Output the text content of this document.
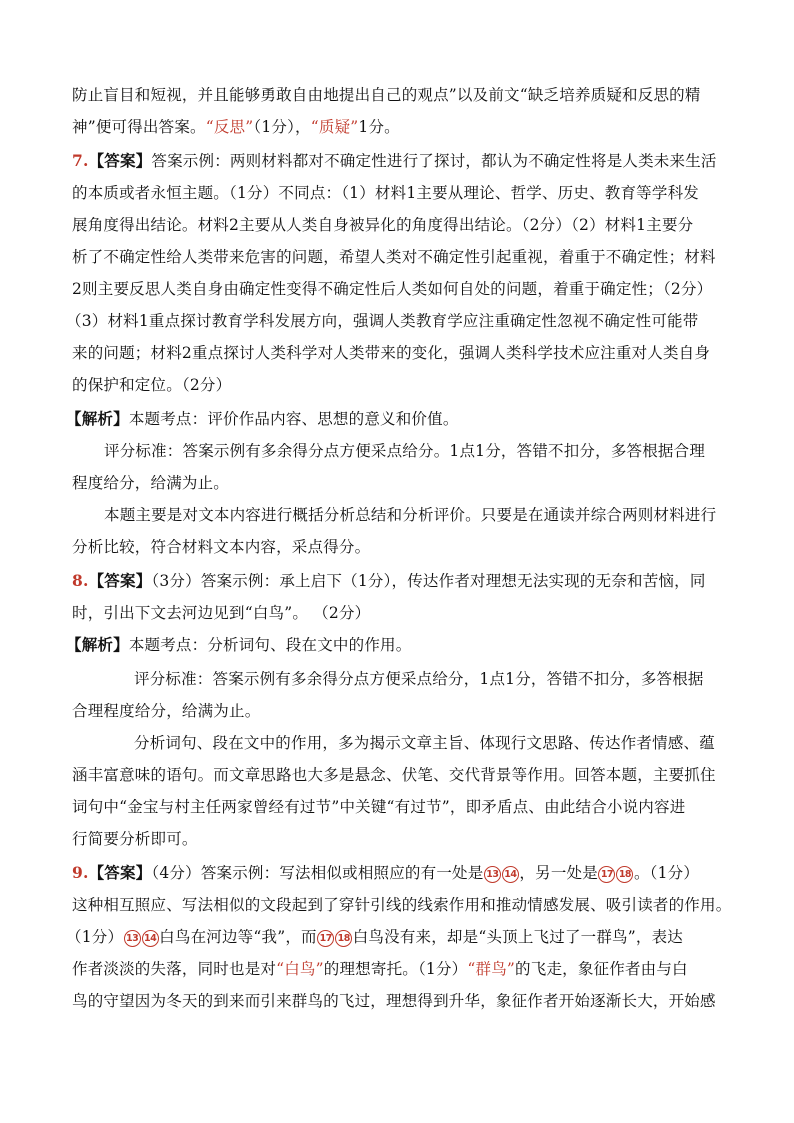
防止盲目和短视，并且能够勇敢自由地提出自己的观点”以及前文“缺乏培养质疑和反思的精
神”便可得出答案。“反思”（1分），“质疑”1分。
7.【答案】答案示例：两则材料都对不确定性进行了探讨，都认为不确定性将是人类未来生活
的本质或者永恒主题。（1分）不同点：（1）材料1主要从理论、哲学、历史、教育等学科发
展角度得出结论。材料2主要从人类自身被异化的角度得出结论。（2分）（2）材料1主要分
析了不确定性给人类带来危害的问题，希望人类对不确定性引起重视，着重于不确定性；材料
2则主要反思人类自身由确定性变得不确定性后人类如何自处的问题，着重于确定性；（2分）
（3）材料1重点探讨教育学科发展方向，强调人类教育学应注重确定性忽视不确定性可能带
来的问题；材料2重点探讨人类科学对人类带来的变化，强调人类科学技术应注重对人类自身
的保护和定位。（2分）
【解析】本题考点：评价作品内容、思想的意义和价值。
评分标准：答案示例有多余得分点方便采点给分。1点1分，答错不扣分，多答根据合理
程度给分，给满为止。
本题主要是对文本内容进行概括分析总结和分析评价。只要是在通读并综合两则材料进行
分析比较，符合材料文本内容，采点得分。
8.【答案】（3分）答案示例：承上启下（1分），传达作者对理想无法实现的无奈和苦恼，同
时，引出下文去河边见到“白鸟”。 （2分）
【解析】本题考点：分析词句、段在文中的作用。
评分标准：答案示例有多余得分点方便采点给分，1点1分，答错不扣分，多答根据
合理程度给分，给满为止。
分析词句、段在文中的作用，多为揭示文章主旨、体现行文思路、传达作者情感、蕴
涵丰富意味的语句。而文章思路也大多是悬念、伏笔、交代背景等作用。回答本题，主要抓住
词句中“金宝与村主任两家曾经有过节”中关键“有过节”，即矛盾点、由此结合小说内容进
行简要分析即可。
9.【答案】（4分）答案示例：写法相似或相照应的有一处是 13 14 ，另一处是 17 18 。（1分）
这种相互照应、写法相似的文段起到了穿针引线的线索作用和推动情感发展、吸引读者的作用。
（1分） 13 14 白鸟在河边等“我”，而 17 18 白鸟没有来，却是“头顶上飞过了一群鸟”，表达
作者淡淡的失落，同时也是对“白鸟”的理想寄托。（1分）“群鸟”的飞走，象征作者由与白
鸟的守望因为冬天的到来而引来群鸟的飞过，理想得到升华，象征作者开始逐渐长大，开始感
